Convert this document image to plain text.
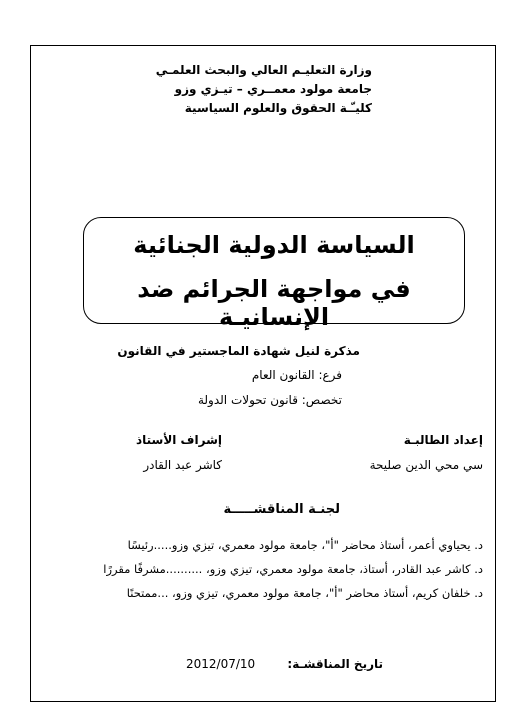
وزارة التعليـم العالي والبحث العلمـي
جامعة مولود معمــري – تيـزي وزو
كليـّـة الحقوق والعلوم السياسية
السياسة الدولية الجنائية
في مواجهة الجرائم ضد الإنسانيـة
مذكرة لنيل شهادة الماجستير في القانون
فرع: القانون العام
تخصص: قانون تحولات الدولة
إعداد الطالبـة
سي محي الدين صليحة
إشراف الأستاذ
كاشر عبد القادر
لجنـة المناقشـــــة
د. يحياوي أعمر، أستاذ محاضر "أ"، جامعة مولود معمري، تيزي وزو.....رئيسًا
د. كاشر عبد القادر، أستاذ، جامعة مولود معمري، تيزي وزو، ..........مشرفًا مقررًا
د. خلفان كريم، أستاذ محاضر "أ"، جامعة مولود معمري، تيزي وزو، ...ممتحنًا
تاريخ المناقشـة:
2012/07/10
